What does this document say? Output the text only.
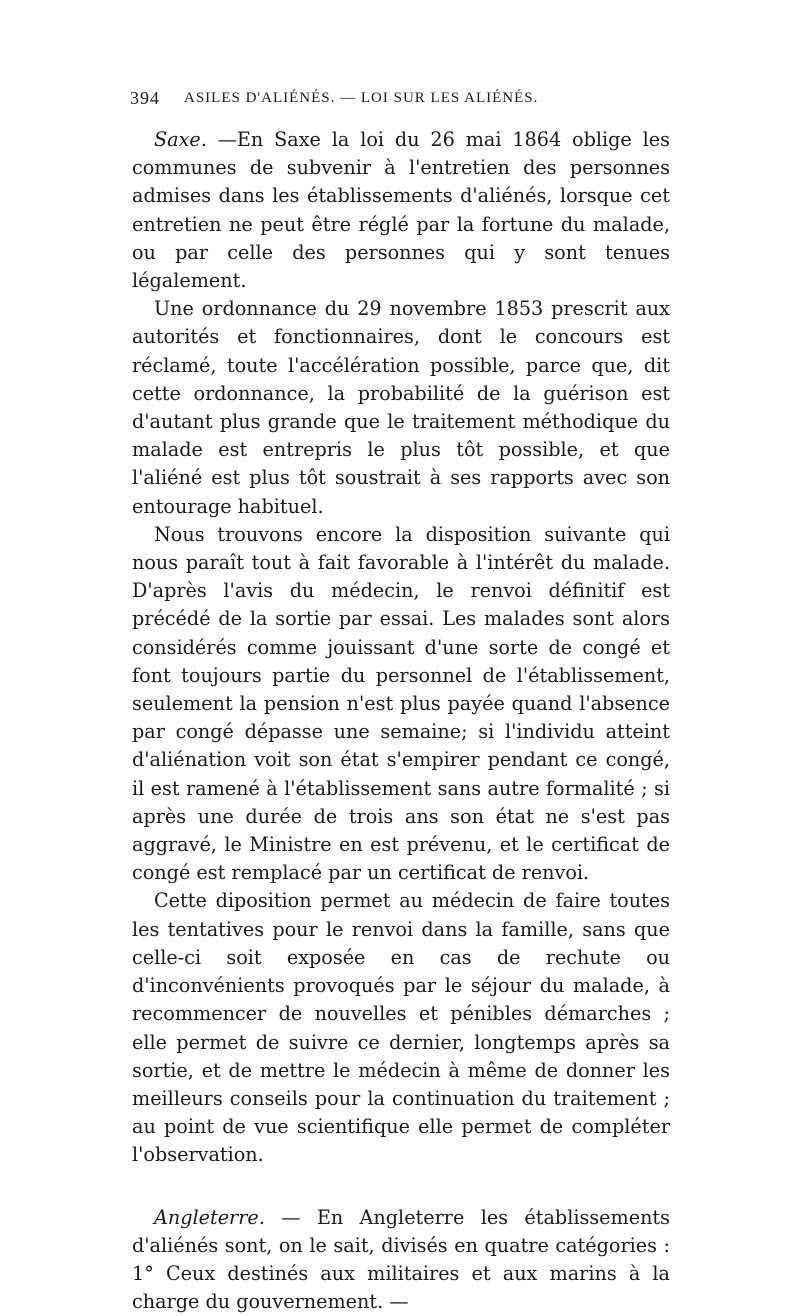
394 ASILES D'ALIÉNÉS. — LOI SUR LES ALIÉNÉS.

Saxe. —En Saxe la loi du 26 mai 1864 oblige les communes de subvenir à l'entretien des personnes admises dans les établissements d'aliénés, lorsque cet entretien ne peut être réglé par la fortune du malade, ou par celle des personnes qui y sont tenues légalement.

Une ordonnance du 29 novembre 1853 prescrit aux autorités et fonctionnaires, dont le concours est réclamé, toute l'accélération possible, parce que, dit cette ordonnance, la probabilité de la guérison est d'autant plus grande que le traitement méthodique du malade est entrepris le plus tôt possible, et que l'aliéné est plus tôt soustrait à ses rapports avec son entourage habituel.

Nous trouvons encore la disposition suivante qui nous paraît tout à fait favorable à l'intérêt du malade. D'après l'avis du médecin, le renvoi définitif est précédé de la sortie par essai. Les malades sont alors considérés comme jouissant d'une sorte de congé et font toujours partie du personnel de l'établissement, seulement la pension n'est plus payée quand l'absence par congé dépasse une semaine; si l'individu atteint d'aliénation voit son état s'empirer pendant ce congé, il est ramené à l'établissement sans autre formalité ; si après une durée de trois ans son état ne s'est pas aggravé, le Ministre en est prévenu, et le certificat de congé est remplacé par un certificat de renvoi.

Cette diposition permet au médecin de faire toutes les tentatives pour le renvoi dans la famille, sans que celle-ci soit exposée en cas de rechute ou d'inconvénients provoqués par le séjour du malade, à recommencer de nouvelles et pénibles démarches ; elle permet de suivre ce dernier, longtemps après sa sortie, et de mettre le médecin à même de donner les meilleurs conseils pour la continuation du traitement ; au point de vue scientifique elle permet de compléter l'observation.

Angleterre. — En Angleterre les établissements d'aliénés sont, on le sait, divisés en quatre catégories : 1° Ceux destinés aux militaires et aux marins à la charge du gouvernement. —
